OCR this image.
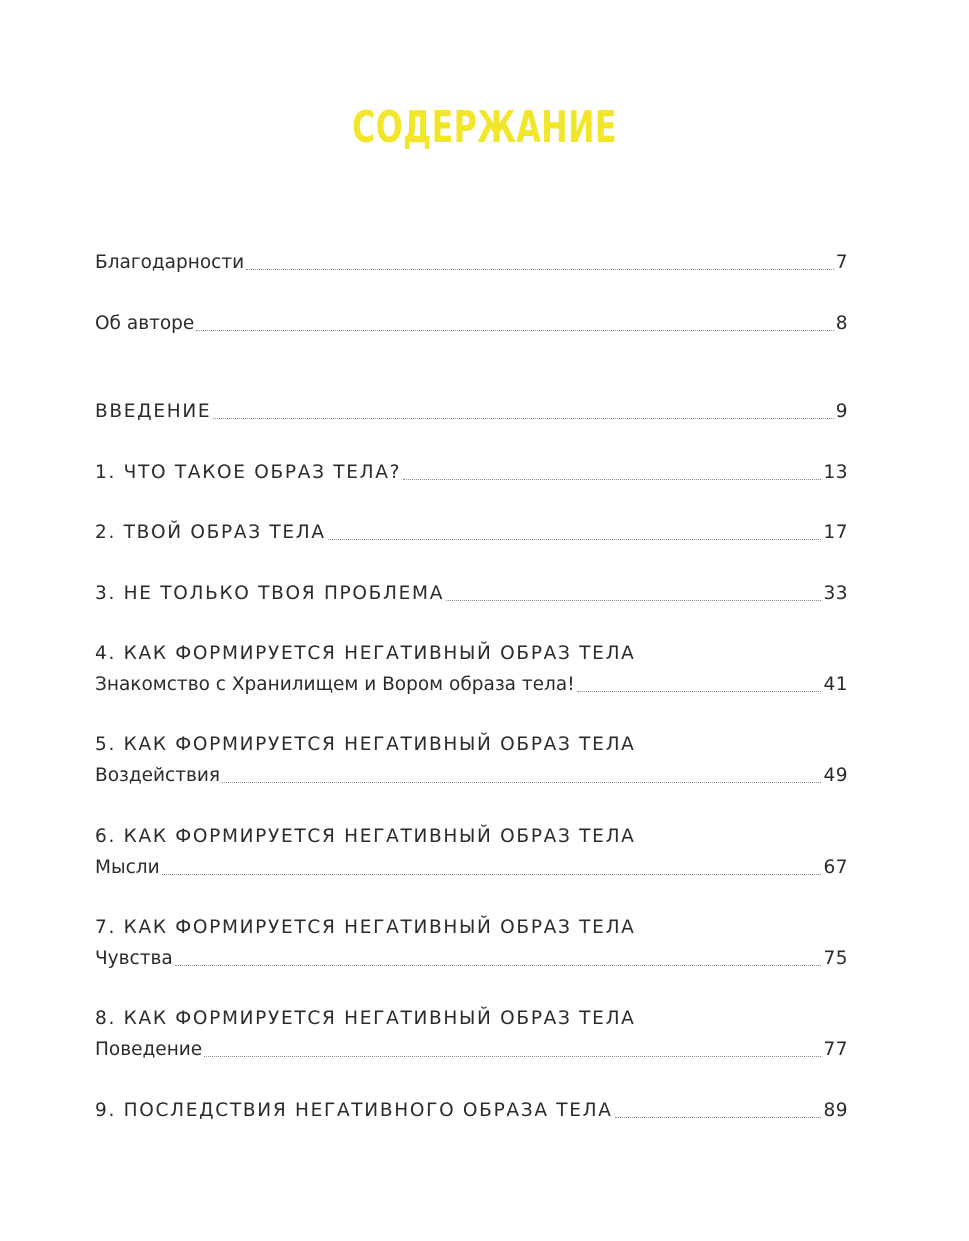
СОДЕРЖАНИЕ
Благодарности	7
Об авторе	8
ВВЕДЕНИЕ	9
1. ЧТО ТАКОЕ ОБРАЗ ТЕЛА?	13
2. ТВОЙ ОБРАЗ ТЕЛА	17
3. НЕ ТОЛЬКО ТВОЯ ПРОБЛЕМА	33
4. КАК ФОРМИРУЕТСЯ НЕГАТИВНЫЙ ОБРАЗ ТЕЛА
Знакомство с Хранилищем и Вором образа тела!	41
5. КАК ФОРМИРУЕТСЯ НЕГАТИВНЫЙ ОБРАЗ ТЕЛА
Воздействия	49
6. КАК ФОРМИРУЕТСЯ НЕГАТИВНЫЙ ОБРАЗ ТЕЛА
Мысли	67
7. КАК ФОРМИРУЕТСЯ НЕГАТИВНЫЙ ОБРАЗ ТЕЛА
Чувства	75
8. КАК ФОРМИРУЕТСЯ НЕГАТИВНЫЙ ОБРАЗ ТЕЛА
Поведение	77
9. ПОСЛЕДСТВИЯ НЕГАТИВНОГО ОБРАЗА ТЕЛА	89
